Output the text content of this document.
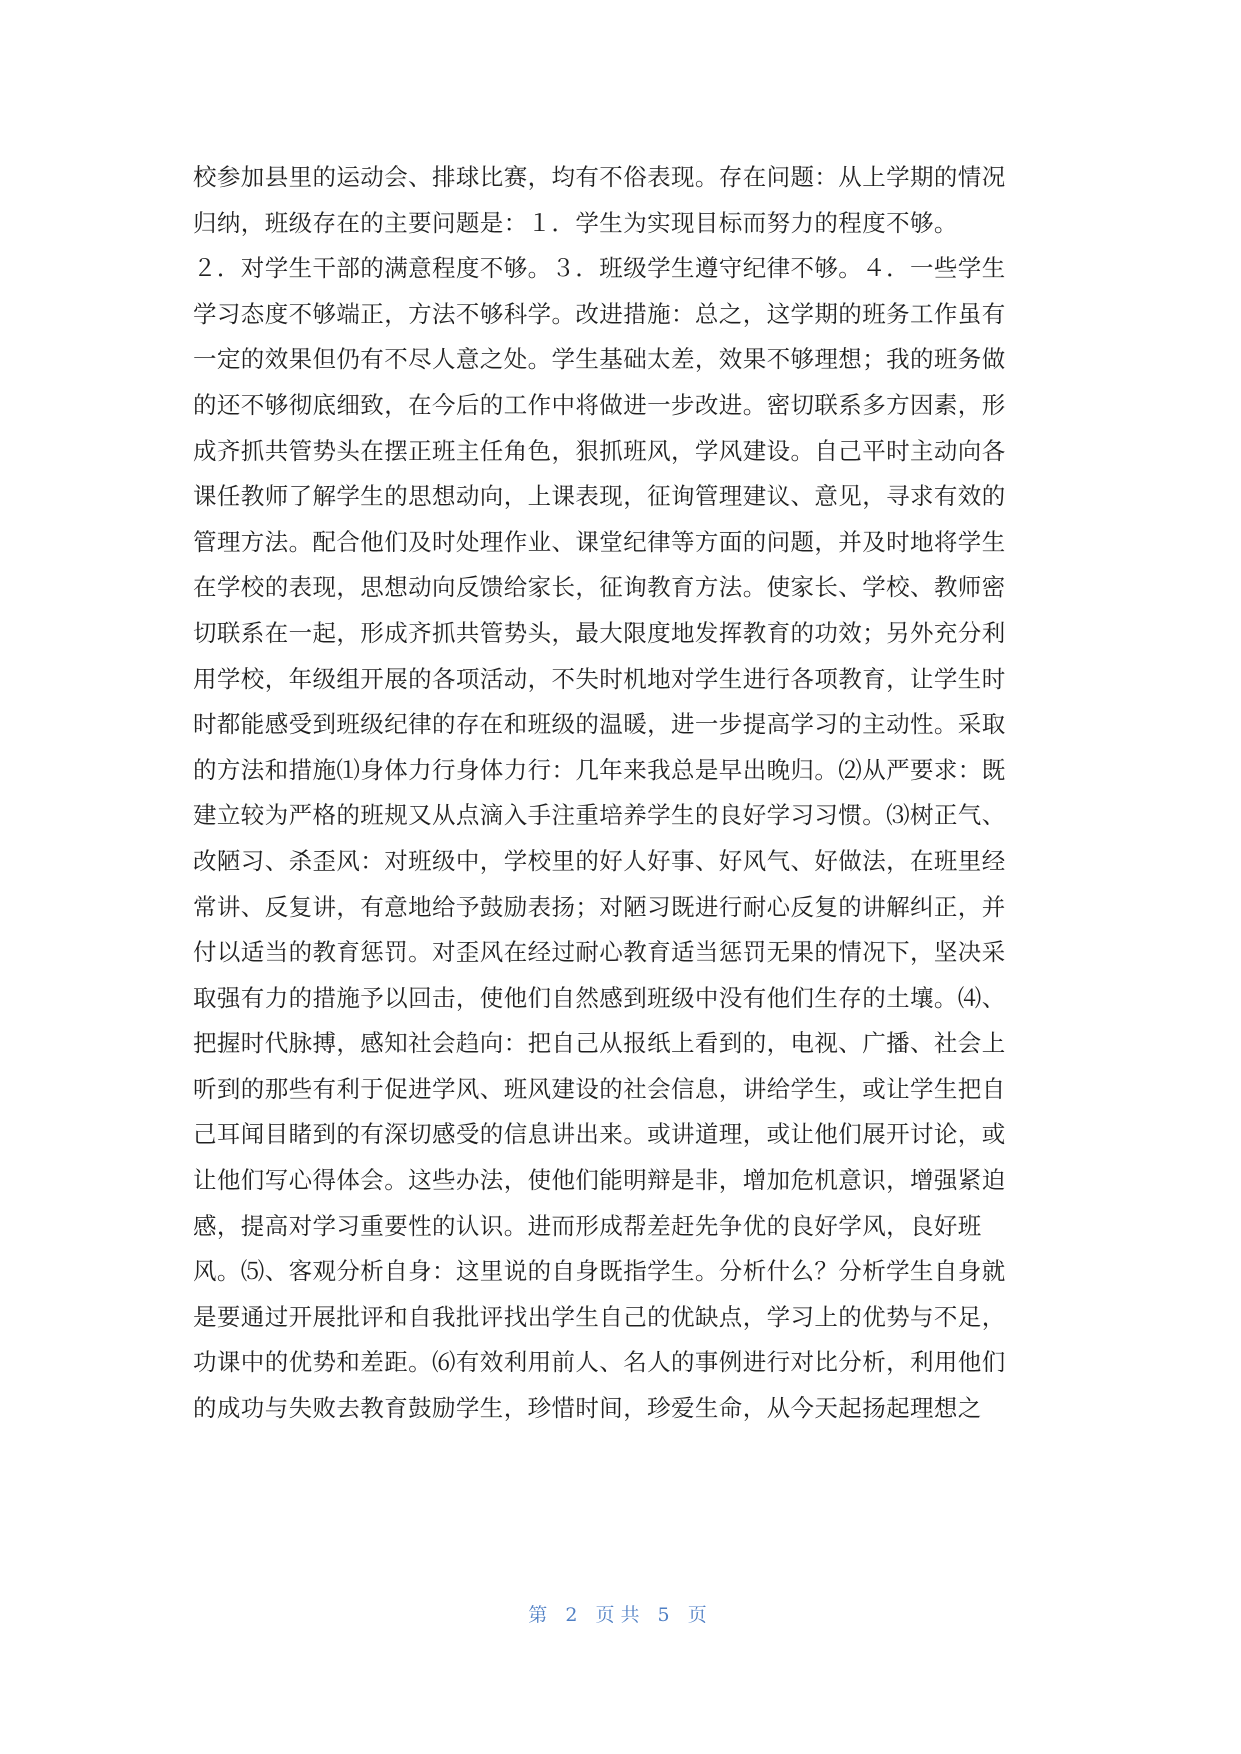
校参加县里的运动会、排球比赛，均有不俗表现。存在问题：从上学期的情况
归纳，班级存在的主要问题是：１．学生为实现目标而努力的程度不够。
２．对学生干部的满意程度不够。３．班级学生遵守纪律不够。４．一些学生
学习态度不够端正，方法不够科学。改进措施：总之，这学期的班务工作虽有
一定的效果但仍有不尽人意之处。学生基础太差，效果不够理想；我的班务做
的还不够彻底细致，在今后的工作中将做进一步改进。密切联系多方因素，形
成齐抓共管势头在摆正班主任角色，狠抓班风，学风建设。自己平时主动向各
课任教师了解学生的思想动向，上课表现，征询管理建议、意见，寻求有效的
管理方法。配合他们及时处理作业、课堂纪律等方面的问题，并及时地将学生
在学校的表现，思想动向反馈给家长，征询教育方法。使家长、学校、教师密
切联系在一起，形成齐抓共管势头，最大限度地发挥教育的功效；另外充分利
用学校，年级组开展的各项活动，不失时机地对学生进行各项教育，让学生时
时都能感受到班级纪律的存在和班级的温暖，进一步提高学习的主动性。采取
的方法和措施⑴身体力行身体力行：几年来我总是早出晚归。⑵从严要求：既
建立较为严格的班规又从点滴入手注重培养学生的良好学习习惯。⑶树正气、
改陋习、杀歪风：对班级中，学校里的好人好事、好风气、好做法，在班里经
常讲、反复讲，有意地给予鼓励表扬；对陋习既进行耐心反复的讲解纠正，并
付以适当的教育惩罚。对歪风在经过耐心教育适当惩罚无果的情况下，坚决采
取强有力的措施予以回击，使他们自然感到班级中没有他们生存的土壤。⑷、
把握时代脉搏，感知社会趋向：把自己从报纸上看到的，电视、广播、社会上
听到的那些有利于促进学风、班风建设的社会信息，讲给学生，或让学生把自
己耳闻目睹到的有深切感受的信息讲出来。或讲道理，或让他们展开讨论，或
让他们写心得体会。这些办法，使他们能明辩是非，增加危机意识，增强紧迫
感，提高对学习重要性的认识。进而形成帮差赶先争优的良好学风，良好班
风。⑸、客观分析自身：这里说的自身既指学生。分析什么？分析学生自身就
是要通过开展批评和自我批评找出学生自己的优缺点，学习上的优势与不足，
功课中的优势和差距。⑹有效利用前人、名人的事例进行对比分析，利用他们
的成功与失败去教育鼓励学生，珍惜时间，珍爱生命，从今天起扬起理想之
第 2 页共 5 页
